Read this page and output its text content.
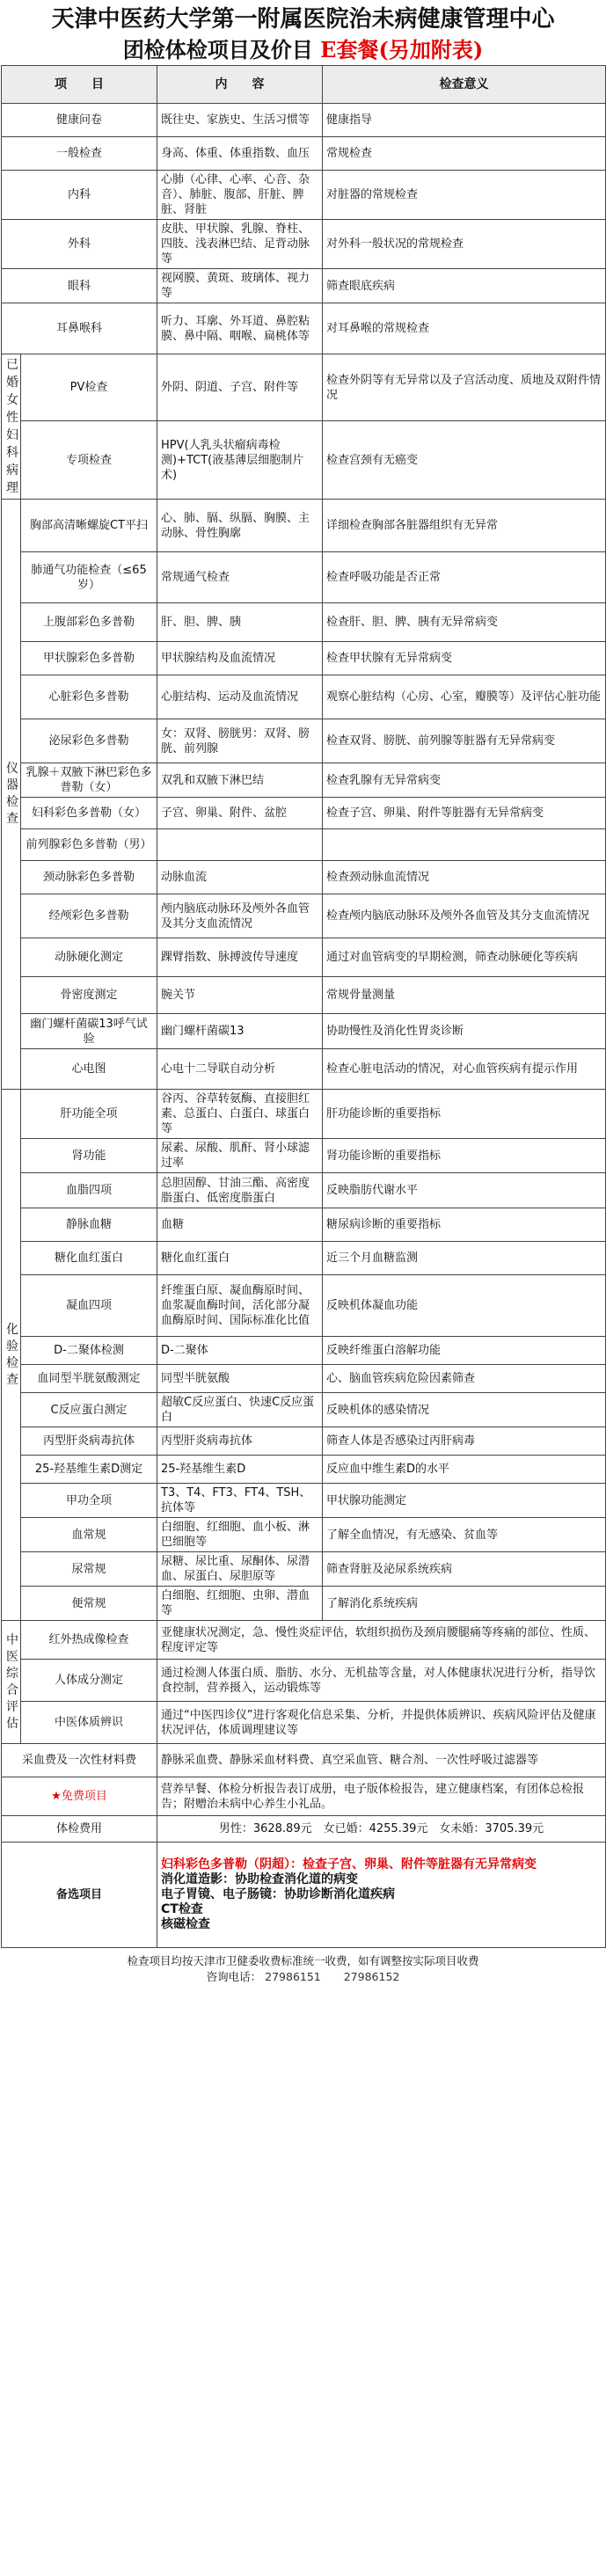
天津中医药大学第一附属医院治未病健康管理中心
团检体检项目及价目 E套餐(另加附表)
项　　目		内　　容	检查意义
健康问卷		既往史、家族史、生活习惯等	健康指导
一般检查		身高、体重、体重指数、血压	常规检查
内科		心肺（心律、心率、心音、杂音）、肺脏、腹部、肝脏、脾脏、肾脏	对脏器的常规检查
外科		皮肤、甲状腺、乳腺、脊柱、四肢、浅表淋巴结、足背动脉等	对外科一般状况的常规检查
眼科		视网膜、黄斑、玻璃体、视力等	筛查眼底疾病
耳鼻喉科		听力、耳廓、外耳道、鼻腔粘膜、鼻中隔、咽喉、扁桃体等	对耳鼻喉的常规检查
已婚女性妇科病理	PV检查	外阴、阴道、子宫、附件等	检查外阴等有无异常以及子宫活动度、质地及双附件情况
	专项检查	HPV(人乳头状瘤病毒检测)+TCT(液基薄层细胞制片术)	检查宫颈有无癌变
仪器检查	胸部高清晰螺旋CT平扫	心、肺、膈、纵膈、胸膜、主动脉、骨性胸廓	详细检查胸部各脏器组织有无异常
	肺通气功能检查（≤65岁）	常规通气检查	检查呼吸功能是否正常
	上腹部彩色多普勒	肝、胆、脾、胰	检查肝、胆、脾、胰有无异常病变
	甲状腺彩色多普勒	甲状腺结构及血流情况	检查甲状腺有无异常病变
	心脏彩色多普勒	心脏结构、运动及血流情况	观察心脏结构（心房、心室，瓣膜等）及评估心脏功能
	泌尿彩色多普勒	女：双肾、膀胱男：双肾、膀胱、前列腺	检查双肾、膀胱、前列腺等脏器有无异常病变
	乳腺＋双腋下淋巴彩色多普勒（女）	双乳和双腋下淋巴结	检查乳腺有无异常病变
	妇科彩色多普勒（女）	子宫、卵巢、附件、盆腔	检查子宫、卵巢、附件等脏器有无异常病变
	前列腺彩色多普勒（男）		
	颈动脉彩色多普勒	动脉血流	检查颈动脉血流情况
	经颅彩色多普勒	颅内脑底动脉环及颅外各血管及其分支血流情况	检查颅内脑底动脉环及颅外各血管及其分支血流情况
	动脉硬化测定	踝臂指数、脉搏波传导速度	通过对血管病变的早期检测，筛查动脉硬化等疾病
	骨密度测定	腕关节	常规骨量测量
	幽门螺杆菌碳13呼气试验	幽门螺杆菌碳13	协助慢性及消化性胃炎诊断
	心电图	心电十二导联自动分析	检查心脏电活动的情况，对心血管疾病有提示作用
化验检查	肝功能全项	谷丙、谷草转氨酶、直接胆红素、总蛋白、白蛋白、球蛋白等	肝功能诊断的重要指标
	肾功能	尿素、尿酸、肌酐、肾小球滤过率	肾功能诊断的重要指标
	血脂四项	总胆固醇、甘油三酯、高密度脂蛋白、低密度脂蛋白	反映脂肪代谢水平
	静脉血糖	血糖	糖尿病诊断的重要指标
	糖化血红蛋白	糖化血红蛋白	近三个月血糖监测
	凝血四项	纤维蛋白原、凝血酶原时间、血浆凝血酶时间，活化部分凝血酶原时间、国际标准化比值	反映机体凝血功能
	D-二聚体检测	D-二聚体	反映纤维蛋白溶解功能
	血同型半胱氨酸测定	同型半胱氨酸	心、脑血管疾病危险因素筛查
	C反应蛋白测定	超敏C反应蛋白、快速C反应蛋白	反映机体的感染情况
	丙型肝炎病毒抗体	丙型肝炎病毒抗体	筛查人体是否感染过丙肝病毒
	25-羟基维生素D测定	25-羟基维生素D	反应血中维生素D的水平
	甲功全项	T3、T4、FT3、FT4、TSH、抗体等	甲状腺功能测定
	血常规	白细胞、红细胞、血小板、淋巴细胞等	了解全血情况，有无感染、贫血等
	尿常规	尿糖、尿比重、尿酮体、尿潜血、尿蛋白、尿胆原等	筛查肾脏及泌尿系统疾病
	便常规	白细胞、红细胞、虫卵、潜血等	了解消化系统疾病
中医综合评估	红外热成像检查	亚健康状况测定，急、慢性炎症评估，软组织损伤及颈肩腰腿痛等疼痛的部位、性质、程度评定等	
	人体成分测定	通过检测人体蛋白质、脂肪、水分、无机盐等含量，对人体健康状况进行分析，指导饮食控制，营养摄入，运动锻炼等	
	中医体质辨识	通过“中医四诊仪”进行客观化信息采集、分析，并提供体质辨识、疾病风险评估及健康状况评估，体质调理建议等	
采血费及一次性材料费		静脉采血费、静脉采血材料费、真空采血管、糖合剂、一次性呼吸过滤器等	
★免费项目		营养早餐、体检分析报告表订成册，电子版体检报告，建立健康档案，有团体总检报告；附赠治未病中心养生小礼品。	
体检费用		男性：3628.89元　 女已婚：4255.39元　 女未婚：3705.39元	
备选项目		妇科彩色多普勒（阴超）：检查子宫、卵巢、附件等脏器有无异常病变
消化道造影：协助检查消化道的病变
电子胃镜、电子肠镜：协助诊断消化道疾病
CT检查
核磁检查	
检查项目均按天津市卫健委收费标准统一收费，如有调整按实际项目收费
咨询电话： 27986151 27986152
